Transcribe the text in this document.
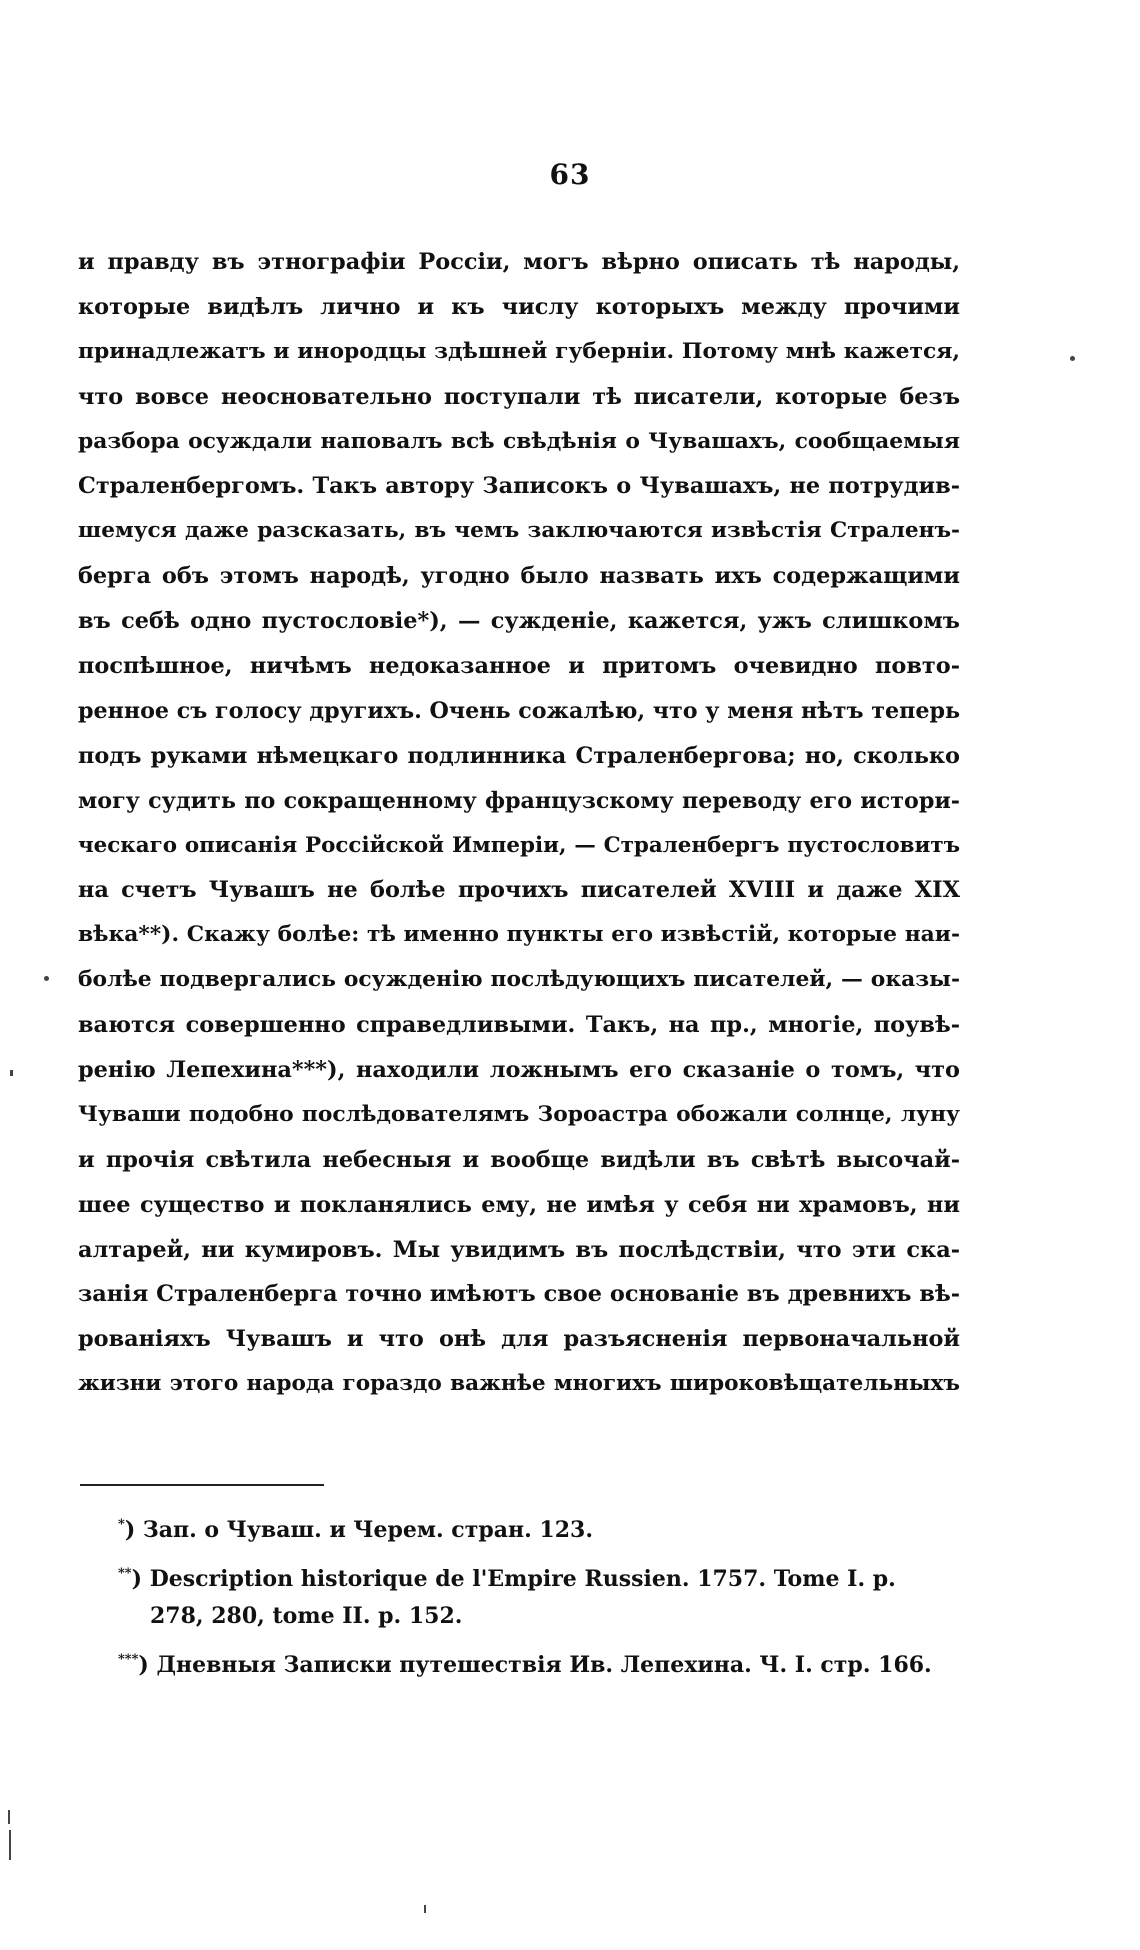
63
и правду въ этнографіи Россіи, могъ вѣрно описать тѣ народы,
которые видѣлъ лично и къ числу которыхъ между прочими
принадлежатъ и инородцы здѣшней губерніи. Потому мнѣ кажется,
что вовсе неосновательно поступали тѣ писатели, которые безъ
разбора осуждали наповалъ всѣ свѣдѣнія о Чувашахъ, сообщаемыя
Страленбергомъ. Такъ автору Записокъ о Чувашахъ, не потрудив-
шемуся даже разсказать, въ чемъ заключаются извѣстія Страленъ-
берга объ этомъ народѣ, угодно было назвать ихъ содержащими
въ себѣ одно пустословіе*), — сужденіе, кажется, ужъ слишкомъ
поспѣшное, ничѣмъ недоказанное и притомъ очевидно повто-
ренное съ голосу другихъ. Очень сожалѣю, что у меня нѣтъ теперь
подъ руками нѣмецкаго подлинника Страленбергова; но, сколько
могу судить по сокращенному французскому переводу его истори-
ческаго описанія Россійской Имперіи, — Страленбергъ пустословитъ
на счетъ Чувашъ не болѣе прочихъ писателей XVIII и даже XIX
вѣка**). Скажу болѣе: тѣ именно пункты его извѣстій, которые наи-
болѣе подвергались осужденію послѣдующихъ писателей, — оказы-
ваются совершенно справедливыми. Такъ, на пр., многіе, поувѣ-
ренію Лепехина***), находили ложнымъ его сказаніе о томъ, что
Чуваши подобно послѣдователямъ Зороастра обожали солнце, луну
и прочія свѣтила небесныя и вообще видѣли въ свѣтѣ высочай-
шее существо и покланялись ему, не имѣя у себя ни храмовъ, ни
алтарей, ни кумировъ. Мы увидимъ въ послѣдствіи, что эти ска-
занія Страленберга точно имѣютъ свое основаніе въ древнихъ вѣ-
рованіяхъ Чувашъ и что онѣ для разъясненія первоначальной
жизни этого народа гораздо важнѣе многихъ широковѣщательныхъ
*) Зап. о Чуваш. и Черем. стран. 123.
**) Description historique de l'Empire Russien. 1757. Tome I. p.
278, 280, tome II. p. 152.
***) Дневныя Записки путешествія Ив. Лепехина. Ч. I. стр. 166.
